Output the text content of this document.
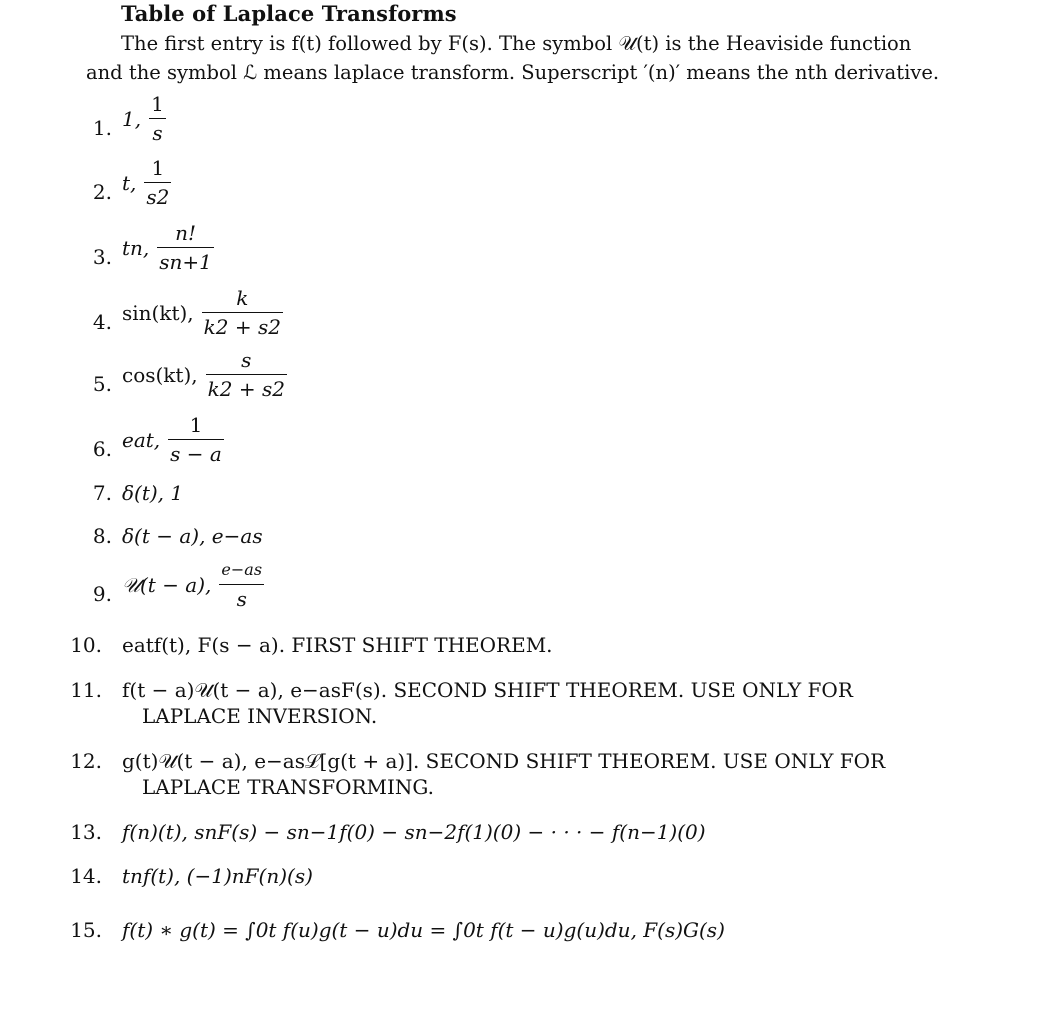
Table of Laplace Transforms
The first entry is f(t) followed by F(s). The symbol 𝒰(t) is the Heaviside function
and the symbol ℒ means laplace transform. Superscript ′(n)′ means the nth derivative.
1. 1, $\frac{1}{s}$
2. t, $\frac{1}{s2}$
3. tn, $\frac{n!}{sn+1}$
4. sin(kt), $\frac{k}{k2 + s2}$
5. cos(kt), $\frac{s}{k2 + s2}$
6. eat, $\frac{1}{s - a}$
7. δ(t), 1
8. δ(t − a), e−as
9. 𝒰(t − a), $\frac{e-as}{s}$
10. eatf(t), F(s − a). FIRST SHIFT THEOREM.
11. f(t − a)𝒰(t − a), e−asF(s). SECOND SHIFT THEOREM. USE ONLY FOR
LAPLACE INVERSION.
12. g(t)𝒰(t − a), e−asℒ[g(t + a)]. SECOND SHIFT THEOREM. USE ONLY FOR
LAPLACE TRANSFORMING.
13. f(n)(t), snF(s) − sn−1f(0) − sn−2f(1)(0) − · · · − f(n−1)(0)
14. tnf(t), (−1)nF(n)(s)
15. f(t) ∗ g(t) = ∫0t f(u)g(t − u)du = ∫0t f(t − u)g(u)du, F(s)G(s)
